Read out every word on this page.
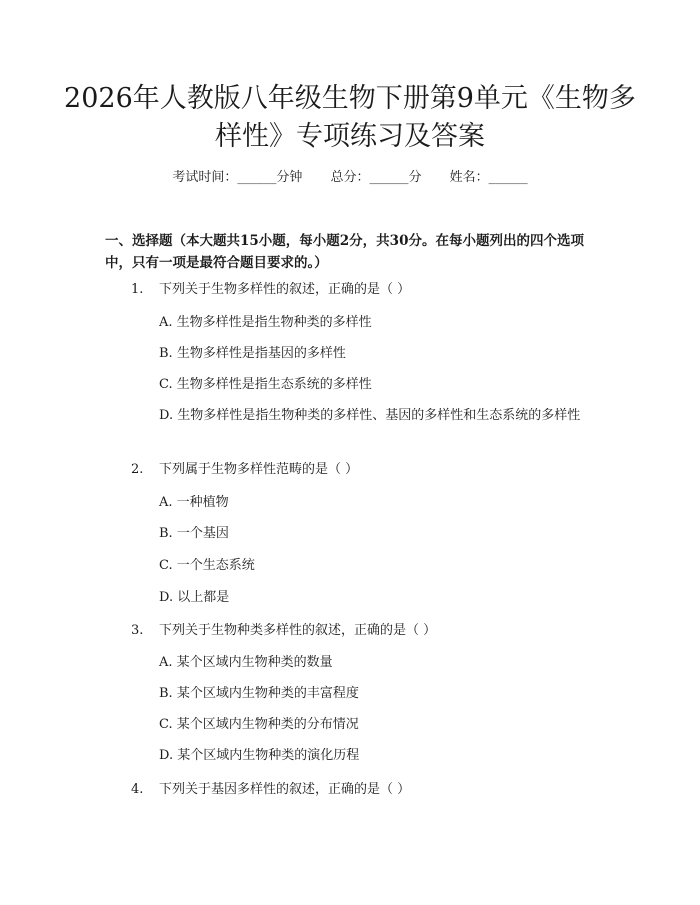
2026年人教版八年级生物下册第9单元《生物多样性》专项练习及答案
考试时间：______分钟 总分：______分 姓名：______
一、选择题（本大题共15小题，每小题2分，共30分。在每小题列出的四个选项中，只有一项是最符合题目要求的。）
1. 下列关于生物多样性的叙述，正确的是（ ）
A. 生物多样性是指生物种类的多样性
B. 生物多样性是指基因的多样性
C. 生物多样性是指生态系统的多样性
D. 生物多样性是指生物种类的多样性、基因的多样性和生态系统的多样性
2. 下列属于生物多样性范畴的是（ ）
A. 一种植物
B. 一个基因
C. 一个生态系统
D. 以上都是
3. 下列关于生物种类多样性的叙述，正确的是（ ）
A. 某个区域内生物种类的数量
B. 某个区域内生物种类的丰富程度
C. 某个区域内生物种类的分布情况
D. 某个区域内生物种类的演化历程
4. 下列关于基因多样性的叙述，正确的是（ ）
